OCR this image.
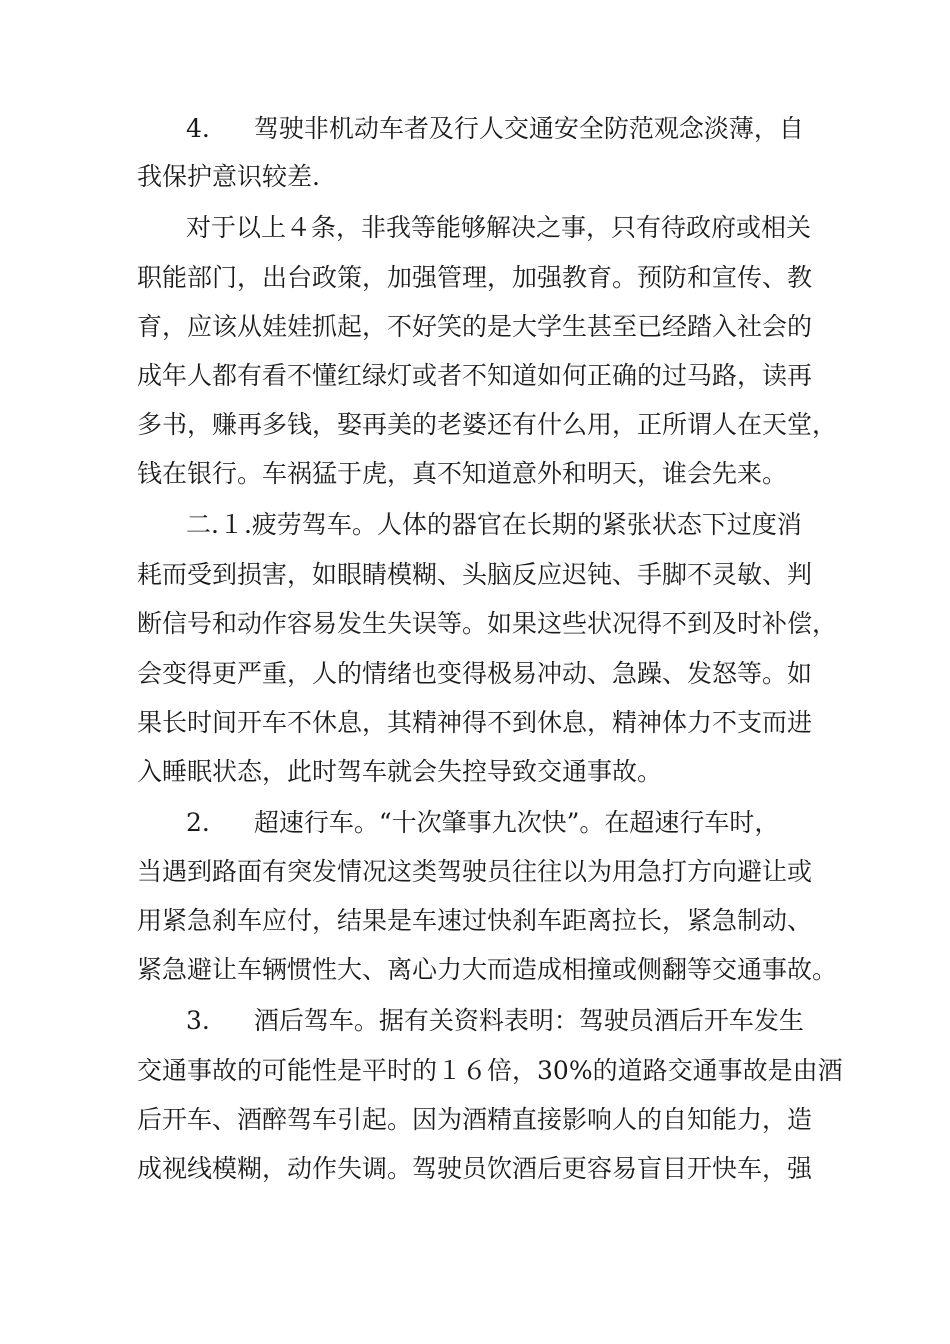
4. 驾驶非机动车者及行人交通安全防范观念淡薄，自
我保护意识较差.
对于以上４条，非我等能够解决之事，只有待政府或相关
职能部门，出台政策，加强管理，加强教育。预防和宣传、教
育，应该从娃娃抓起，不好笑的是大学生甚至已经踏入社会的
成年人都有看不懂红绿灯或者不知道如何正确的过马路，读再
多书，赚再多钱，娶再美的老婆还有什么用，正所谓人在天堂，
钱在银行。车祸猛于虎，真不知道意外和明天，谁会先来。
二.１.疲劳驾车。人体的器官在长期的紧张状态下过度消
耗而受到损害，如眼睛模糊、头脑反应迟钝、手脚不灵敏、判
断信号和动作容易发生失误等。如果这些状况得不到及时补偿，
会变得更严重，人的情绪也变得极易冲动、急躁、发怒等。如
果长时间开车不休息，其精神得不到休息，精神体力不支而进
入睡眠状态，此时驾车就会失控导致交通事故。
2. 超速行车。“十次肇事九次快”。在超速行车时，
当遇到路面有突发情况这类驾驶员往往以为用急打方向避让或
用紧急刹车应付，结果是车速过快刹车距离拉长，紧急制动、
紧急避让车辆惯性大、离心力大而造成相撞或侧翻等交通事故。
3. 酒后驾车。据有关资料表明：驾驶员酒后开车发生
交通事故的可能性是平时的１６倍，30%的道路交通事故是由酒
后开车、酒醉驾车引起。因为酒精直接影响人的自知能力，造
成视线模糊，动作失调。驾驶员饮酒后更容易盲目开快车，强
